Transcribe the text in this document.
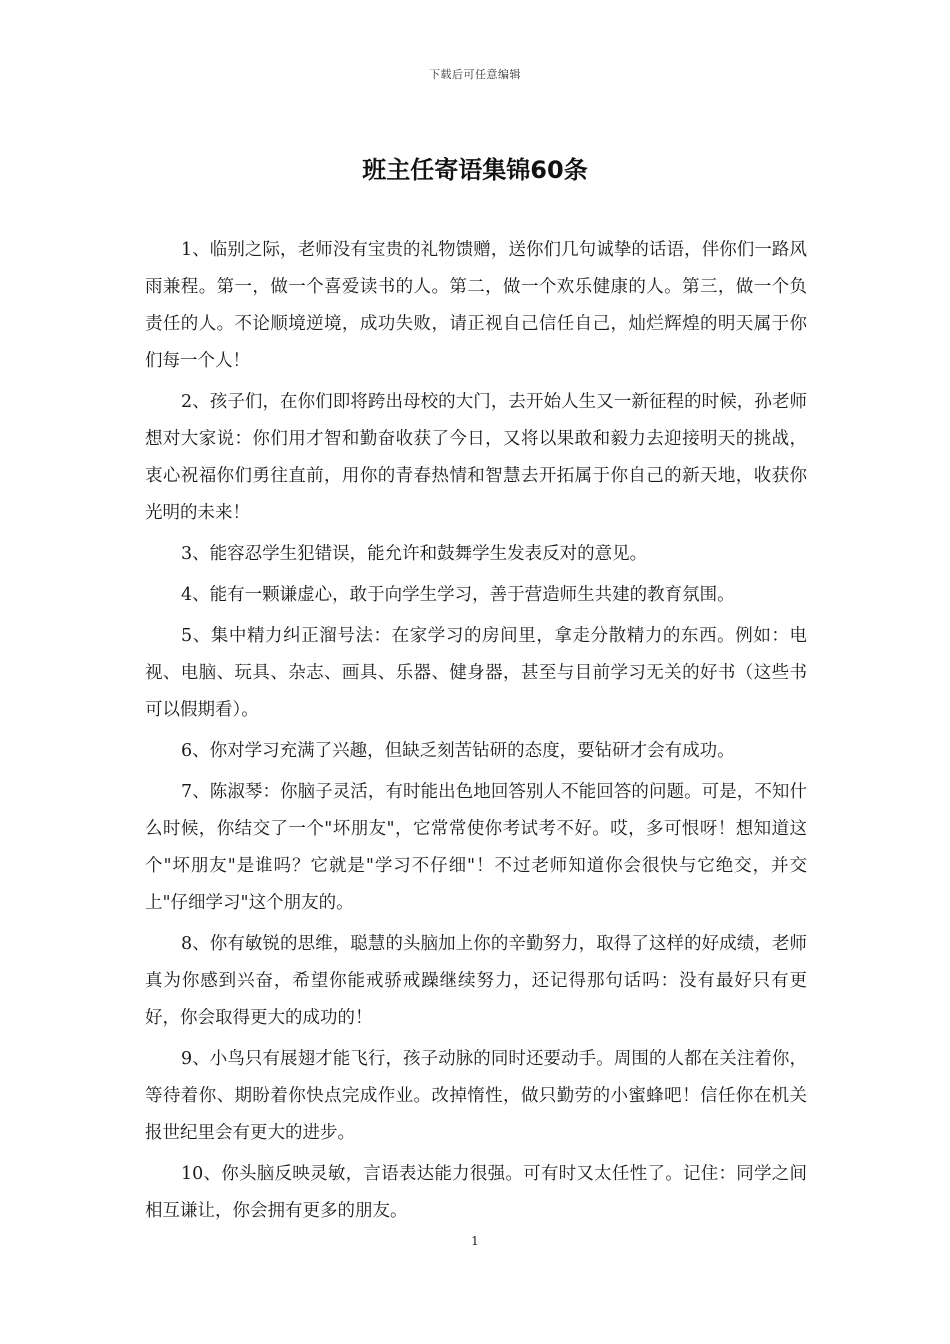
下载后可任意编辑
班主任寄语集锦60条

1、临别之际，老师没有宝贵的礼物馈赠，送你们几句诚挚的话语，伴你们一路风雨兼程。第一，做一个喜爱读书的人。第二，做一个欢乐健康的人。第三，做一个负责任的人。不论顺境逆境，成功失败，请正视自己信任自己，灿烂辉煌的明天属于你们每一个人！

2、孩子们，在你们即将跨出母校的大门，去开始人生又一新征程的时候，孙老师想对大家说：你们用才智和勤奋收获了今日，又将以果敢和毅力去迎接明天的挑战，衷心祝福你们勇往直前，用你的青春热情和智慧去开拓属于你自己的新天地，收获你光明的未来！

3、能容忍学生犯错误，能允许和鼓舞学生发表反对的意见。

4、能有一颗谦虚心，敢于向学生学习，善于营造师生共建的教育氛围。

5、集中精力纠正溜号法：在家学习的房间里，拿走分散精力的东西。例如：电视、电脑、玩具、杂志、画具、乐器、健身器，甚至与目前学习无关的好书（这些书可以假期看）。

6、你对学习充满了兴趣，但缺乏刻苦钻研的态度，要钻研才会有成功。

7、陈淑琴：你脑子灵活，有时能出色地回答别人不能回答的问题。可是，不知什么时候，你结交了一个"坏朋友"，它常常使你考试考不好。哎，多可恨呀！想知道这个"坏朋友"是谁吗？它就是"学习不仔细"！不过老师知道你会很快与它绝交，并交上"仔细学习"这个朋友的。

8、你有敏锐的思维，聪慧的头脑加上你的辛勤努力，取得了这样的好成绩，老师真为你感到兴奋，希望你能戒骄戒躁继续努力，还记得那句话吗：没有最好只有更好，你会取得更大的成功的！

9、小鸟只有展翅才能飞行，孩子动脉的同时还要动手。周围的人都在关注着你，等待着你、期盼着你快点完成作业。改掉惰性，做只勤劳的小蜜蜂吧！信任你在机关报世纪里会有更大的进步。

10、你头脑反映灵敏，言语表达能力很强。可有时又太任性了。记住：同学之间相互谦让，你会拥有更多的朋友。

1
